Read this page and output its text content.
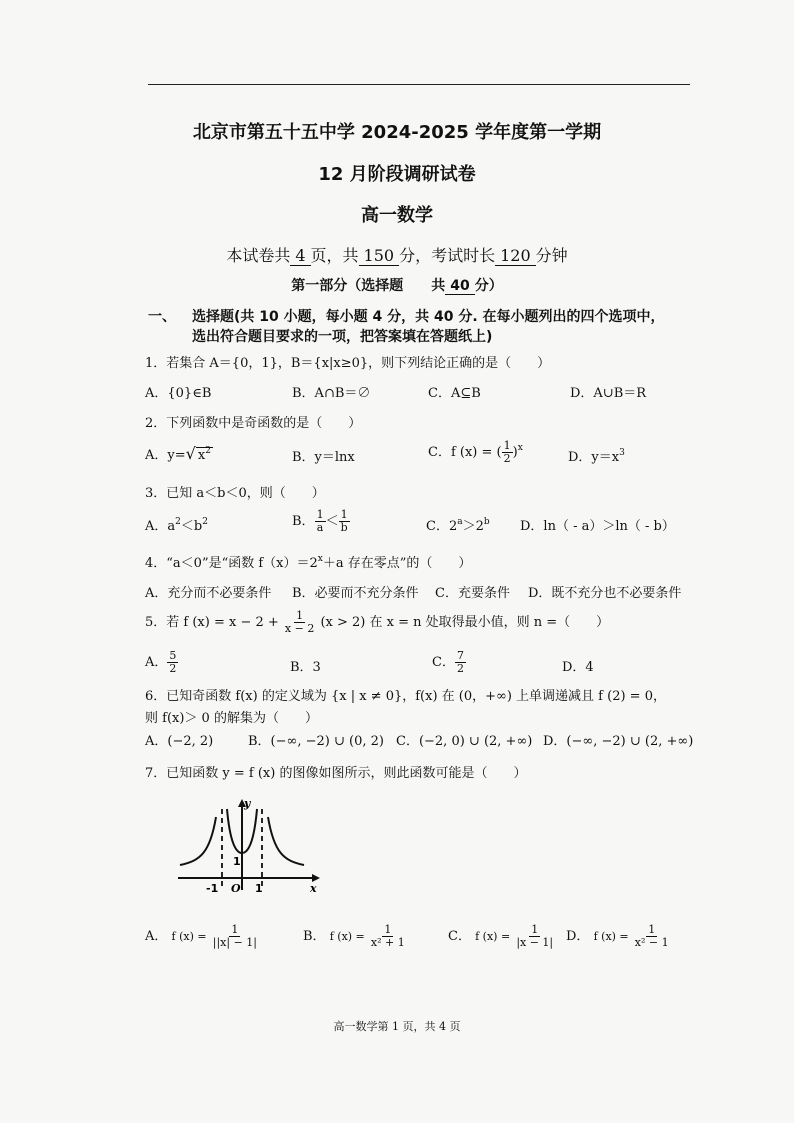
北京市第五十五中学 2024-2025 学年度第一学期
12 月阶段调研试卷
高一数学
本试卷共 4 页，共 150 分，考试时长 120 分钟
第一部分（选择题　　共 40 分）
一、 选择题(共 10 小题，每小题 4 分，共 40 分. 在每小题列出的四个选项中，
选出符合题目要求的一项，把答案填在答题纸上)
1．若集合 A＝{0，1}，B＝{x|x≥0}，则下列结论正确的是（　　）
A．{0}∈B	B．A∩B＝∅	C．A⊆B	D．A∪B＝R
2．下列函数中是奇函数的是（　　）
A．y=√ $x^2$	B．y＝lnx	C．f (x) = ( $\frac{1}{2} )^x$
D．$y=x^3$
3．已知 a＜b＜0，则（　　）
A．$a^2<b^2$	B． $\frac{1}{a} < \frac{1}{b}$	C．$2^a>2^b$ D．ln（ - a）＞ln（ - b）
4．“a＜0”是“函数 $f(x)=2^x+a$ 存在零点”的（　　）
A．充分而不必要条件 B．必要而不充分条件 C．充要条件 D．既不充分也不必要条件
5．若 f $(x) = x - 2 + \frac{1}{x - 2} (x > 2)$ 在 x = n 处取得最小值，则 n =（　　）
A． $\frac{5}{2}$	B．3	C． $\frac{7}{2}$	D．4
6．已知奇函数 f(x) 的定义域为 {x | x ≠ 0}，f(x) 在 (0，+∞) 上单调递减且 f (2) = 0，
则 f(x)＞ 0 的解集为（　　）
A．(−2, 2)	B．(−∞, −2) ∪ (0, 2) C．(−2, 0) ∪ (2, +∞) D．(−∞, −2) ∪ (2, +∞)
7．已知函数 y = f (x) 的图像如图所示，则此函数可能是（　　）
y
x
-1 O 1
1
A． f $(x) = \frac{1}{||x| - 1|}$	B． f $(x) = \frac{1}{\text{x² + 1}}$	C． f $(x) = \frac{1}{|x - 1|}$ D． f $(x) = \frac{1}{\text{x² − 1}}$
高一数学第 1 页，共 4 页
